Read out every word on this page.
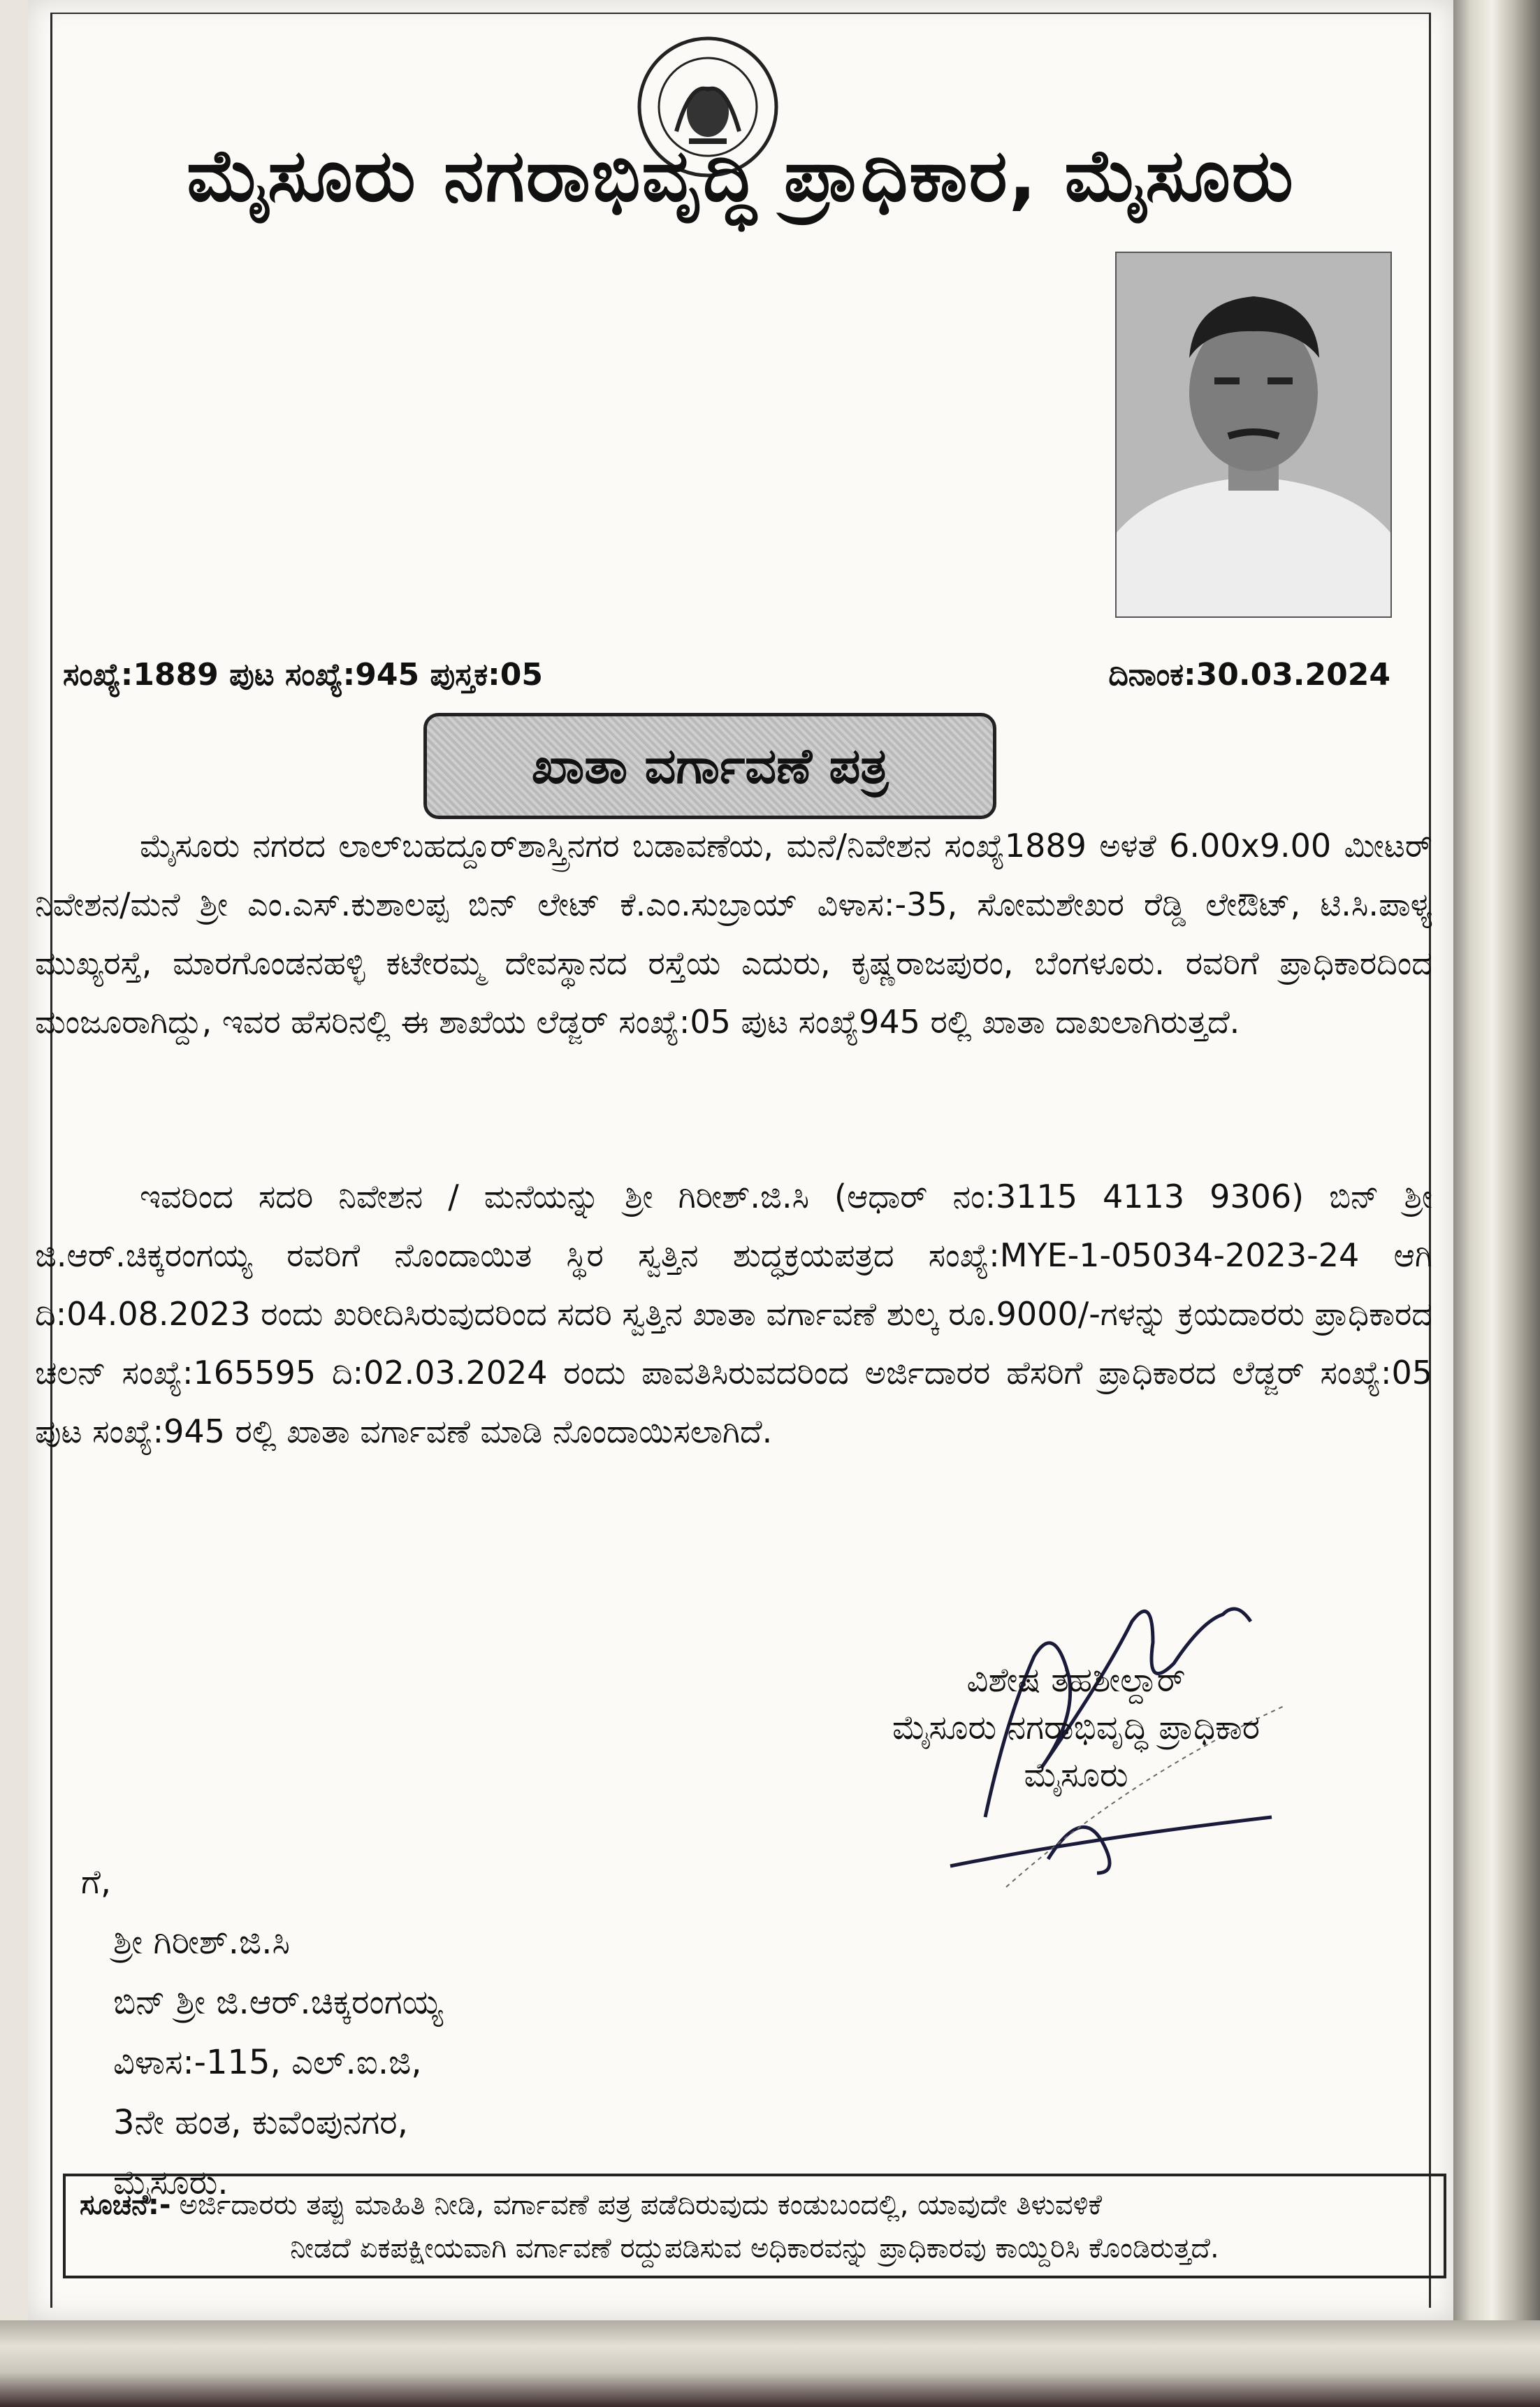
ಮೈಸೂರು ನಗರಾಭಿವೃದ್ಧಿ ಪ್ರಾಧಿಕಾರ, ಮೈಸೂರು
ಸಂಖ್ಯೆ:1889 ಪುಟ ಸಂಖ್ಯೆ:945 ಪುಸ್ತಕ:05	ದಿನಾಂಕ:30.03.2024
ಖಾತಾ ವರ್ಗಾವಣೆ ಪತ್ರ

ಮೈಸೂರು ನಗರದ ಲಾಲ್‌ಬಹದ್ದೂರ್‌ಶಾಸ್ತ್ರಿನಗರ ಬಡಾವಣೆಯ, ಮನೆ/ನಿವೇಶನ ಸಂಖ್ಯೆ1889 ಅಳತೆ 6.00x9.00 ಮೀಟರ್ ನಿವೇಶನ/ಮನೆ ಶ್ರೀ ಎಂ.ಎಸ್.ಕುಶಾಲಪ್ಪ ಬಿನ್ ಲೇಟ್ ಕೆ.ಎಂ.ಸುಬ್ರಾಯ್ ವಿಳಾಸ:-35, ಸೋಮಶೇಖರ ರೆಡ್ಡಿ ಲೇಔಟ್, ಟಿ.ಸಿ.ಪಾಳ್ಯ ಮುಖ್ಯರಸ್ತೆ, ಮಾರಗೊಂಡನಹಳ್ಳಿ ಕಟೇರಮ್ಮ ದೇವಸ್ಥಾನದ ರಸ್ತೆಯ ಎದುರು, ಕೃಷ್ಣರಾಜಪುರಂ, ಬೆಂಗಳೂರು. ರವರಿಗೆ ಪ್ರಾಧಿಕಾರದಿಂದ ಮಂಜೂರಾಗಿದ್ದು, ಇವರ ಹೆಸರಿನಲ್ಲಿ ಈ ಶಾಖೆಯ ಲೆಡ್ಜರ್ ಸಂಖ್ಯೆ:05 ಪುಟ ಸಂಖ್ಯೆ945 ರಲ್ಲಿ ಖಾತಾ ದಾಖಲಾಗಿರುತ್ತದೆ.

ಇವರಿಂದ ಸದರಿ ನಿವೇಶನ / ಮನೆಯನ್ನು ಶ್ರೀ ಗಿರೀಶ್.ಜಿ.ಸಿ (ಆಧಾರ್ ನಂ:3115 4113 9306) ಬಿನ್ ಶ್ರೀ ಜಿ.ಆರ್.ಚಿಕ್ಕರಂಗಯ್ಯ ರವರಿಗೆ ನೊಂದಾಯಿತ ಸ್ಥಿರ ಸ್ವತ್ತಿನ ಶುದ್ಧಕ್ರಯಪತ್ರದ ಸಂಖ್ಯೆ:MYE-1-05034-2023-24 ಆಗಿ ದಿ:04.08.2023 ರಂದು ಖರೀದಿಸಿರುವುದರಿಂದ ಸದರಿ ಸ್ವತ್ತಿನ ಖಾತಾ ವರ್ಗಾವಣೆ ಶುಲ್ಕ ರೂ.9000/-ಗಳನ್ನು ಕ್ರಯದಾರರು ಪ್ರಾಧಿಕಾರದ ಚಲನ್ ಸಂಖ್ಯೆ:165595 ದಿ:02.03.2024 ರಂದು ಪಾವತಿಸಿರುವದರಿಂದ ಅರ್ಜಿದಾರರ ಹೆಸರಿಗೆ ಪ್ರಾಧಿಕಾರದ ಲೆಡ್ಜರ್ ಸಂಖ್ಯೆ:05 ಪುಟ ಸಂಖ್ಯೆ:945 ರಲ್ಲಿ ಖಾತಾ ವರ್ಗಾವಣೆ ಮಾಡಿ ನೊಂದಾಯಿಸಲಾಗಿದೆ.

ವಿಶೇಷ ತಹಶೀಲ್ದಾರ್
ಮೈಸೂರು ನಗರಾಭಿವೃದ್ಧಿ ಪ್ರಾಧಿಕಾರ
ಮೈಸೂರು
ಗೆ,
ಶ್ರೀ ಗಿರೀಶ್.ಜಿ.ಸಿ
ಬಿನ್ ಶ್ರೀ ಜಿ.ಆರ್.ಚಿಕ್ಕರಂಗಯ್ಯ
ವಿಳಾಸ:-115, ಎಲ್.ಐ.ಜಿ,
3ನೇ ಹಂತ, ಕುವೆಂಪುನಗರ,
ಮೈಸೂರು.
ಸೂಚನೆ:- ಅರ್ಜಿದಾರರು ತಪ್ಪು ಮಾಹಿತಿ ನೀಡಿ, ವರ್ಗಾವಣೆ ಪತ್ರ ಪಡೆದಿರುವುದು ಕಂಡುಬಂದಲ್ಲಿ, ಯಾವುದೇ ತಿಳುವಳಿಕೆ
ನೀಡದೆ ಏಕಪಕ್ಷೀಯವಾಗಿ ವರ್ಗಾವಣೆ ರದ್ದುಪಡಿಸುವ ಅಧಿಕಾರವನ್ನು ಪ್ರಾಧಿಕಾರವು ಕಾಯ್ದಿರಿಸಿ ಕೊಂಡಿರುತ್ತದೆ.
